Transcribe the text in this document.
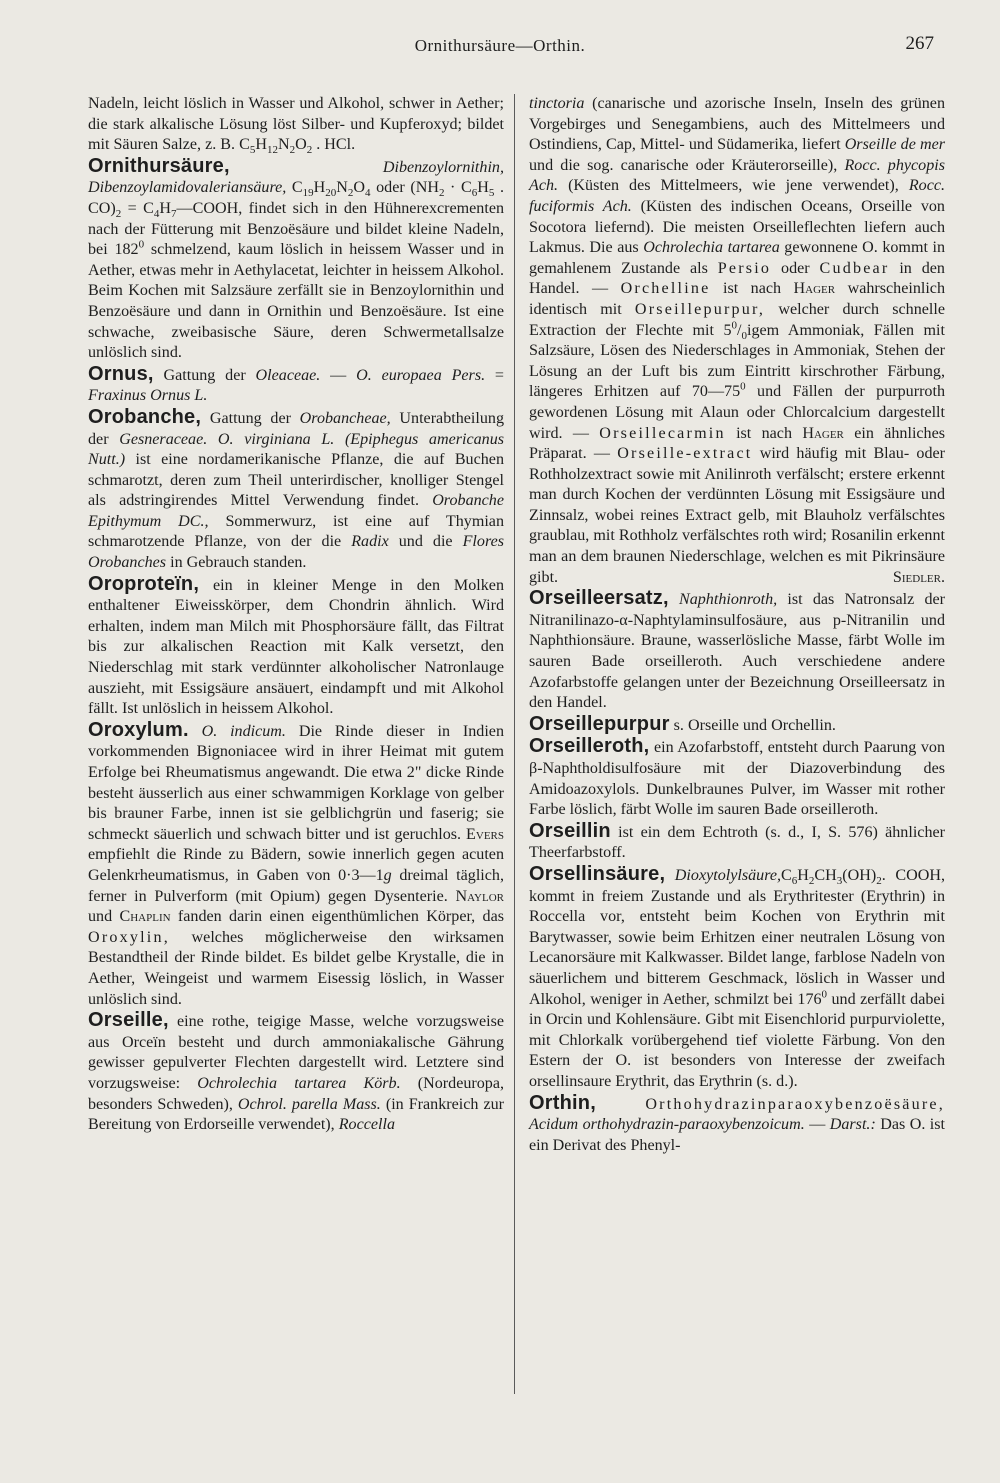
Ornithursäure—Orthin.	267

Nadeln, leicht löslich in Wasser und Alkohol, schwer in Aether; die stark alkalische Lösung löst Silber- und Kupferoxyd; bildet mit Säuren Salze, z. B. $C_5H_{12}N_2O_2$ . HCl.

Ornithursäure,	Dibenzoylornithin, Dibenzoylamidovaleriansäure, $C_{19}H_{20}N_2O_4$ oder ($NH_2 \cdot C_6H_5$ . $CO)_2$ = $C_4H_7—COOH$, findet sich in den Hühnerexcrementen nach der Fütterung mit Benzoësäure und bildet kleine Nadeln, bei $182^0$ schmelzend, kaum löslich in heissem Wasser und in Aether, etwas mehr in Aethylacetat, leichter in heissem Alkohol. Beim Kochen mit Salzsäure zerfällt sie in Benzoylornithin und Benzoësäure und dann in Ornithin und Benzoësäure. Ist eine schwache, zweibasische Säure, deren Schwermetallsalze unlöslich sind.

Ornus, Gattung der Oleaceae. — O. europaea Pers. = Fraxinus Ornus L.

Orobanche, Gattung der Orobancheae, Unterabtheilung der Gesneraceae. O. virginiana L. (Epiphegus americanus Nutt.) ist eine nordamerikanische Pflanze, die auf Buchen schmarotzt, deren zum Theil unterirdischer, knolliger Stengel als adstringirendes Mittel Verwendung findet. Orobanche Epithymum DC., Sommerwurz, ist eine auf Thymian schmarotzende Pflanze, von der die Radix und die Flores Orobanches in Gebrauch standen.

Oroproteïn, ein in kleiner Menge in den Molken enthaltener Eiweisskörper, dem Chondrin ähnlich. Wird erhalten, indem man Milch mit Phosphorsäure fällt, das Filtrat bis zur alkalischen Reaction mit Kalk versetzt, den Niederschlag mit stark verdünnter alkoholischer Natronlauge auszieht, mit Essigsäure ansäuert, eindampft und mit Alkohol fällt. Ist unlöslich in heissem Alkohol.

Oroxylum. O. indicum. Die Rinde dieser in Indien vorkommenden Bignoniacee wird in ihrer Heimat mit gutem Erfolge bei Rheumatismus angewandt. Die etwa 2" dicke Rinde besteht äusserlich aus einer schwammigen Korklage von gelber bis brauner Farbe, innen ist sie gelblichgrün und faserig; sie schmeckt säuerlich und schwach bitter und ist geruchlos. Evers empfiehlt die Rinde zu Bädern, sowie innerlich gegen acuten Gelenkrheumatismus, in Gaben von 0·3—1g dreimal täglich, ferner in Pulverform (mit Opium) gegen Dysenterie. Naylor und Chaplin fanden darin einen eigenthümlichen Körper, das Oroxylin, welches möglicherweise den wirksamen Bestandtheil der Rinde bildet. Es bildet gelbe Krystalle, die in Aether, Weingeist und warmem Eisessig löslich, in Wasser unlöslich sind.

Orseille, eine rothe, teigige Masse, welche vorzugsweise aus Orceïn besteht und durch ammoniakalische Gährung gewisser gepulverter Flechten dargestellt wird. Letztere sind vorzugsweise: Ochrolechia tartarea Körb. (Nordeuropa, besonders Schweden), Ochrol. parella Mass. (in Frankreich zur Bereitung von Erdorseille verwendet), Roccella

tinctoria (canarische und azorische Inseln, Inseln des grünen Vorgebirges und Senegambiens, auch des Mittelmeers und Ostindiens, Cap, Mittel- und Südamerika, liefert Orseille de mer und die sog. canarische oder Kräuterorseille), Rocc. phycopis Ach. (Küsten des Mittelmeers, wie jene verwendet), Rocc. fuciformis Ach. (Küsten des indischen Oceans, Orseille von Socotora liefernd). Die meisten Orseilleflechten liefern auch Lakmus. Die aus Ochrolechia tartarea gewonnene O. kommt in gemahlenem Zustande als Persio oder Cudbear in den Handel. — Orchelline ist nach Hager wahrscheinlich identisch mit Orseillepurpur, welcher durch schnelle Extraction der Flechte mit $5^0/_0igem$ Ammoniak, Fällen mit Salzsäure, Lösen des Niederschlages in Ammoniak, Stehen der Lösung an der Luft bis zum Eintritt kirschrother Färbung, längeres Erhitzen auf $70—75^0$ und Fällen der purpurroth gewordenen Lösung mit Alaun oder Chlorcalcium dargestellt wird. — Orseillecarmin ist nach Hager ein ähnliches Präparat. — Orseille-extract wird häufig mit Blau- oder Rothholzextract sowie mit Anilinroth verfälscht; erstere erkennt man durch Kochen der verdünnten Lösung mit Essigsäure und Zinnsalz, wobei reines Extract gelb, mit Blauholz verfälschtes graublau, mit Rothholz verfälschtes roth wird; Rosanilin erkennt man an dem braunen Niederschlage, welchen es mit Pikrinsäure gibt.	Siedler.

Orseilleersatz, Naphthionroth, ist das Natronsalz der Nitranilinazo-α-Naphtylaminsulfosäure, aus p-Nitranilin und Naphthionsäure. Braune, wasserlösliche Masse, färbt Wolle im sauren Bade orseilleroth. Auch verschiedene andere Azofarbstoffe gelangen unter der Bezeichnung Orseilleersatz in den Handel.

Orseillepurpur s. Orseille und Orchellin.

Orseilleroth, ein Azofarbstoff, entsteht durch Paarung von β-Naphtholdisulfosäure mit der Diazoverbindung des Amidoazoxylols. Dunkelbraunes Pulver, im Wasser mit rother Farbe löslich, färbt Wolle im sauren Bade orseilleroth.

Orseillin ist ein dem Echtroth (s. d., I, S. 576) ähnlicher Theerfarbstoff.

Orsellinsäure, $Dioxytolylsäure,C_6H_2CH_3(OH)_2$. COOH, kommt in freiem Zustande und als Erythritester (Erythrin) in Roccella vor, entsteht beim Kochen von Erythrin mit Barytwasser, sowie beim Erhitzen einer neutralen Lösung von Lecanorsäure mit Kalkwasser. Bildet lange, farblose Nadeln von säuerlichem und bitterem Geschmack, löslich in Wasser und Alkohol, weniger in Aether, schmilzt bei $176^0$ und zerfällt dabei in Orcin und Kohlensäure. Gibt mit Eisenchlorid purpurviolette, mit Chlorkalk vorübergehend tief violette Färbung. Von den Estern der O. ist besonders von Interesse der zweifach orsellinsaure Erythrit, das Erythrin (s. d.).

Orthin, Orthohydrazinparaoxybenzoësäure, Acidum orthohydrazin-paraoxybenzoicum. — Darst.: Das O. ist ein Derivat des Phenyl-
